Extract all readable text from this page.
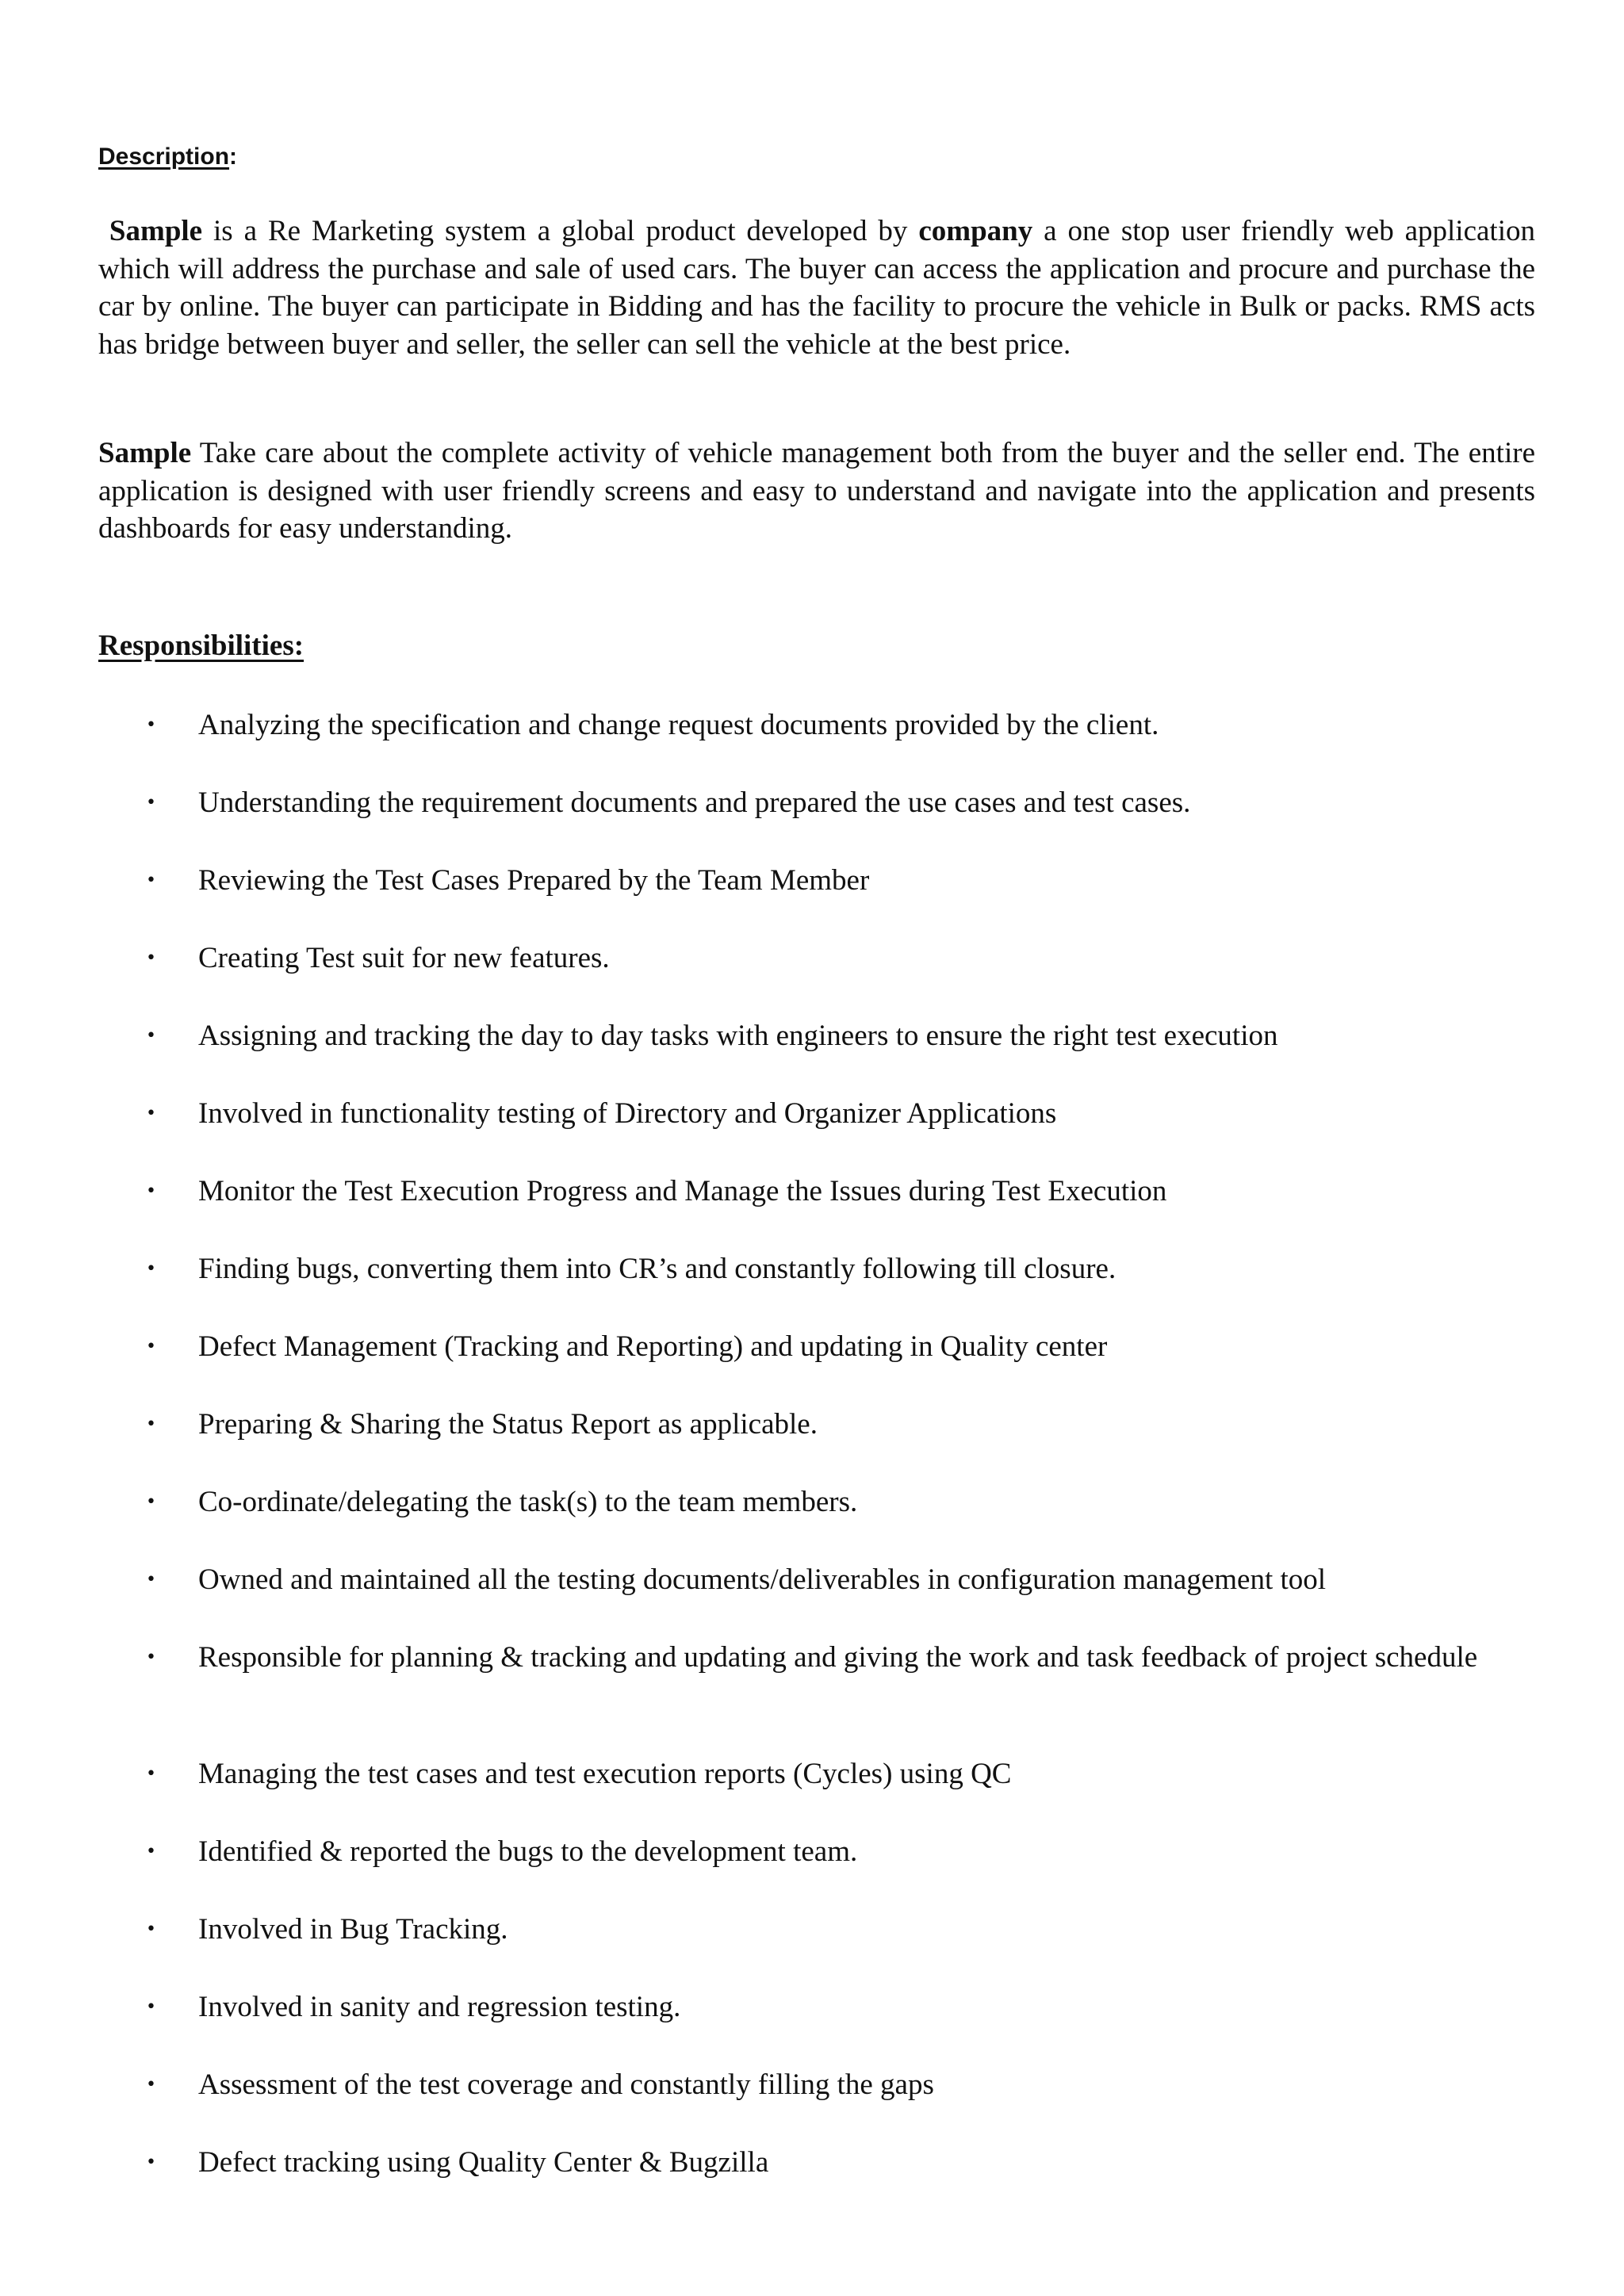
Description:

Sample is a Re Marketing system a global product developed by company a one stop user friendly web application which will address the purchase and sale of used cars. The buyer can access the application and procure and purchase the car by online. The buyer can participate in Bidding and has the facility to procure the vehicle in Bulk or packs. RMS acts has bridge between buyer and seller, the seller can sell the vehicle at the best price.

Sample Take care about the complete activity of vehicle management both from the buyer and the seller end. The entire application is designed with user friendly screens and easy to understand and navigate into the application and presents dashboards for easy understanding.

Responsibilities:
• Analyzing the specification and change request documents provided by the client.
• Understanding the requirement documents and prepared the use cases and test cases.
• Reviewing the Test Cases Prepared by the Team Member
• Creating Test suit for new features.
• Assigning and tracking the day to day tasks with engineers to ensure the right test execution
• Involved in functionality testing of Directory and Organizer Applications
• Monitor the Test Execution Progress and Manage the Issues during Test Execution
• Finding bugs, converting them into CR’s and constantly following till closure.
• Defect Management (Tracking and Reporting) and updating in Quality center
• Preparing & Sharing the Status Report as applicable.
• Co-ordinate/delegating the task(s) to the team members.
• Owned and maintained all the testing documents/deliverables in configuration management tool
• Responsible for planning & tracking and updating and giving the work and task feedback of project schedule
• Managing the test cases and test execution reports (Cycles) using QC
• Identified & reported the bugs to the development team.
• Involved in Bug Tracking.
• Involved in sanity and regression testing.
• Assessment of the test coverage and constantly filling the gaps
• Defect tracking using Quality Center & Bugzilla
